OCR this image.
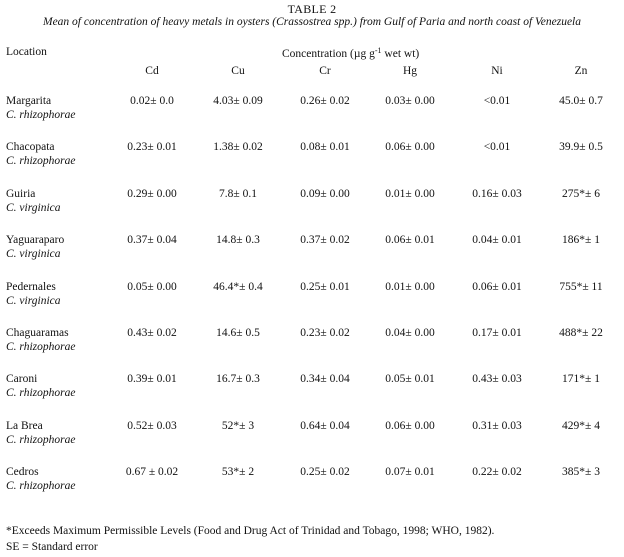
TABLE 2
Mean of concentration of heavy metals in oysters (Crassostrea spp.) from Gulf of Paria and north coast of Venezuela
Location	Concentration (µg $g^{-1}$ wet wt)
Cd	Cu	Cr	Hg	Ni	Zn
Margarita
C. rhizophorae
0.02± 0.0	4.03± 0.09	0.26± 0.02	0.03± 0.00	<0.01	45.0± 0.7
Chacopata
C. rhizophorae
0.23± 0.01	1.38± 0.02	0.08± 0.01	0.06± 0.00	<0.01	39.9± 0.5
Guiria
C. virginica
0.29± 0.00	7.8± 0.1	0.09± 0.00	0.01± 0.00	0.16± 0.03	275*± 6
Yaguaraparo
C. virginica
0.37± 0.04	14.8± 0.3	0.37± 0.02	0.06± 0.01	0.04± 0.01	186*± 1
Pedernales
C. virginica
0.05± 0.00	46.4*± 0.4	0.25± 0.01	0.01± 0.00	0.06± 0.01	755*± 11
Chaguaramas
C. rhizophorae
0.43± 0.02	14.6± 0.5	0.23± 0.02	0.04± 0.00	0.17± 0.01	488*± 22
Caroni
C. rhizophorae
0.39± 0.01	16.7± 0.3	0.34± 0.04	0.05± 0.01	0.43± 0.03	171*± 1
La Brea
C. rhizophorae
0.52± 0.03	52*± 3	0.64± 0.04	0.06± 0.00	0.31± 0.03	429*± 4
Cedros
C. rhizophorae
0.67 ± 0.02	53*± 2	0.25± 0.02	0.07± 0.01	0.22± 0.02	385*± 3
*Exceeds Maximum Permissible Levels (Food and Drug Act of Trinidad and Tobago, 1998; WHO, 1982).
SE = Standard error
